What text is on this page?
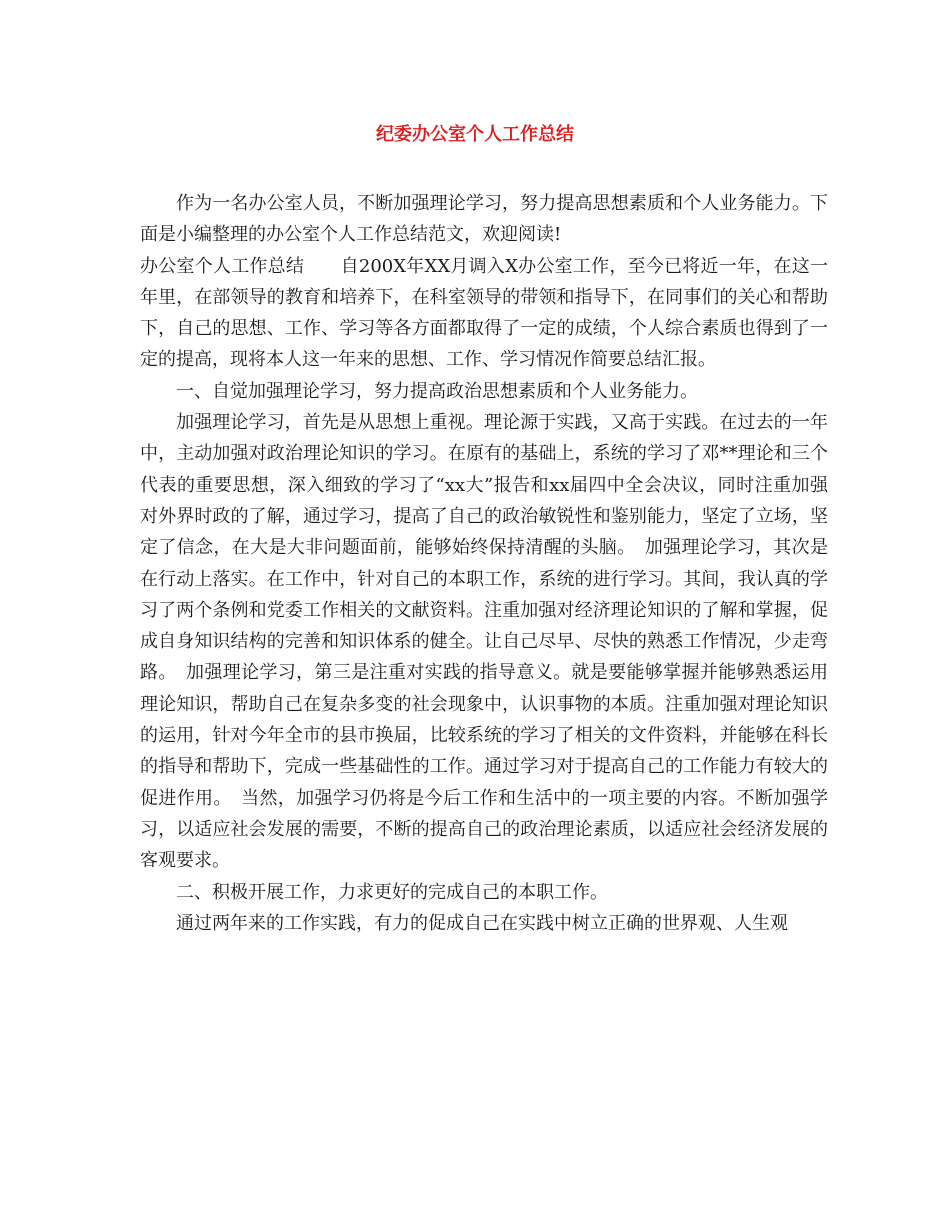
纪委办公室个人工作总结

作为一名办公室人员，不断加强理论学习，努力提高思想素质和个人业务能力。下面是小编整理的办公室个人工作总结范文，欢迎阅读!

办公室个人工作总结　　自200X年XX月调入X办公室工作，至今已将近一年，在这一年里，在部领导的教育和培养下，在科室领导的带领和指导下，在同事们的关心和帮助下，自己的思想、工作、学习等各方面都取得了一定的成绩，个人综合素质也得到了一定的提高，现将本人这一年来的思想、工作、学习情况作简要总结汇报。

一、自觉加强理论学习，努力提高政治思想素质和个人业务能力。

加强理论学习，首先是从思想上重视。理论源于实践，又高于实践。在过去的一年中，主动加强对政治理论知识的学习。在原有的基础上，系统的学习了邓**理论和三个代表的重要思想，深入细致的学习了“xx大”报告和xx届四中全会决议，同时注重加强对外界时政的了解，通过学习，提高了自己的政治敏锐性和鉴别能力，坚定了立场，坚定了信念，在大是大非问题面前，能够始终保持清醒的头脑。　加强理论学习，其次是在行动上落实。在工作中，针对自己的本职工作，系统的进行学习。其间，我认真的学习了两个条例和党委工作相关的文献资料。注重加强对经济理论知识的了解和掌握，促成自身知识结构的完善和知识体系的健全。让自己尽早、尽快的熟悉工作情况，少走弯路。　加强理论学习，第三是注重对实践的指导意义。就是要能够掌握并能够熟悉运用理论知识，帮助自己在复杂多变的社会现象中，认识事物的本质。注重加强对理论知识的运用，针对今年全市的县市换届，比较系统的学习了相关的文件资料，并能够在科长的指导和帮助下，完成一些基础性的工作。通过学习对于提高自己的工作能力有较大的促进作用。　当然，加强学习仍将是今后工作和生活中的一项主要的内容。不断加强学习，以适应社会发展的需要，不断的提高自己的政治理论素质，以适应社会经济发展的客观要求。

二、积极开展工作，力求更好的完成自己的本职工作。

通过两年来的工作实践，有力的促成自己在实践中树立正确的世界观、人生观
